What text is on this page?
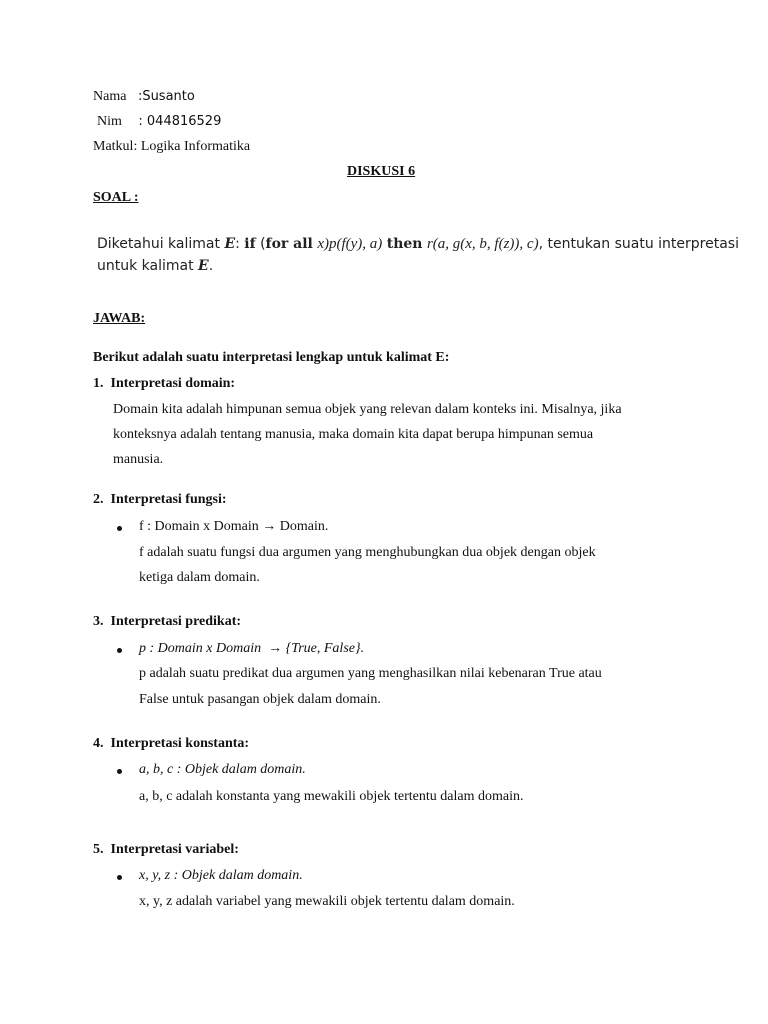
Nama :Susanto
Nim : 044816529
Matkul: Logika Informatika
DISKUSI 6
SOAL :
Diketahui kalimat E: if (for all x)p(f(y), a) then r(a, g(x, b, f(z)), c), tentukan suatu interpretasi
untuk kalimat E.
JAWAB:
Berikut adalah suatu interpretasi lengkap untuk kalimat E:
1.  Interpretasi domain:
Domain kita adalah himpunan semua objek yang relevan dalam konteks ini. Misalnya, jika
konteksnya adalah tentang manusia, maka domain kita dapat berupa himpunan semua
manusia.
2.  Interpretasi fungsi:
f : Domain x Domain → Domain.
f adalah suatu fungsi dua argumen yang menghubungkan dua objek dengan objek
ketiga dalam domain.
3.  Interpretasi predikat:
p : Domain x Domain  → {True, False}.
p adalah suatu predikat dua argumen yang menghasilkan nilai kebenaran True atau
False untuk pasangan objek dalam domain.
4.  Interpretasi konstanta:
a, b, c : Objek dalam domain.
a, b, c adalah konstanta yang mewakili objek tertentu dalam domain.
5.  Interpretasi variabel:
x, y, z : Objek dalam domain.
x, y, z adalah variabel yang mewakili objek tertentu dalam domain.
